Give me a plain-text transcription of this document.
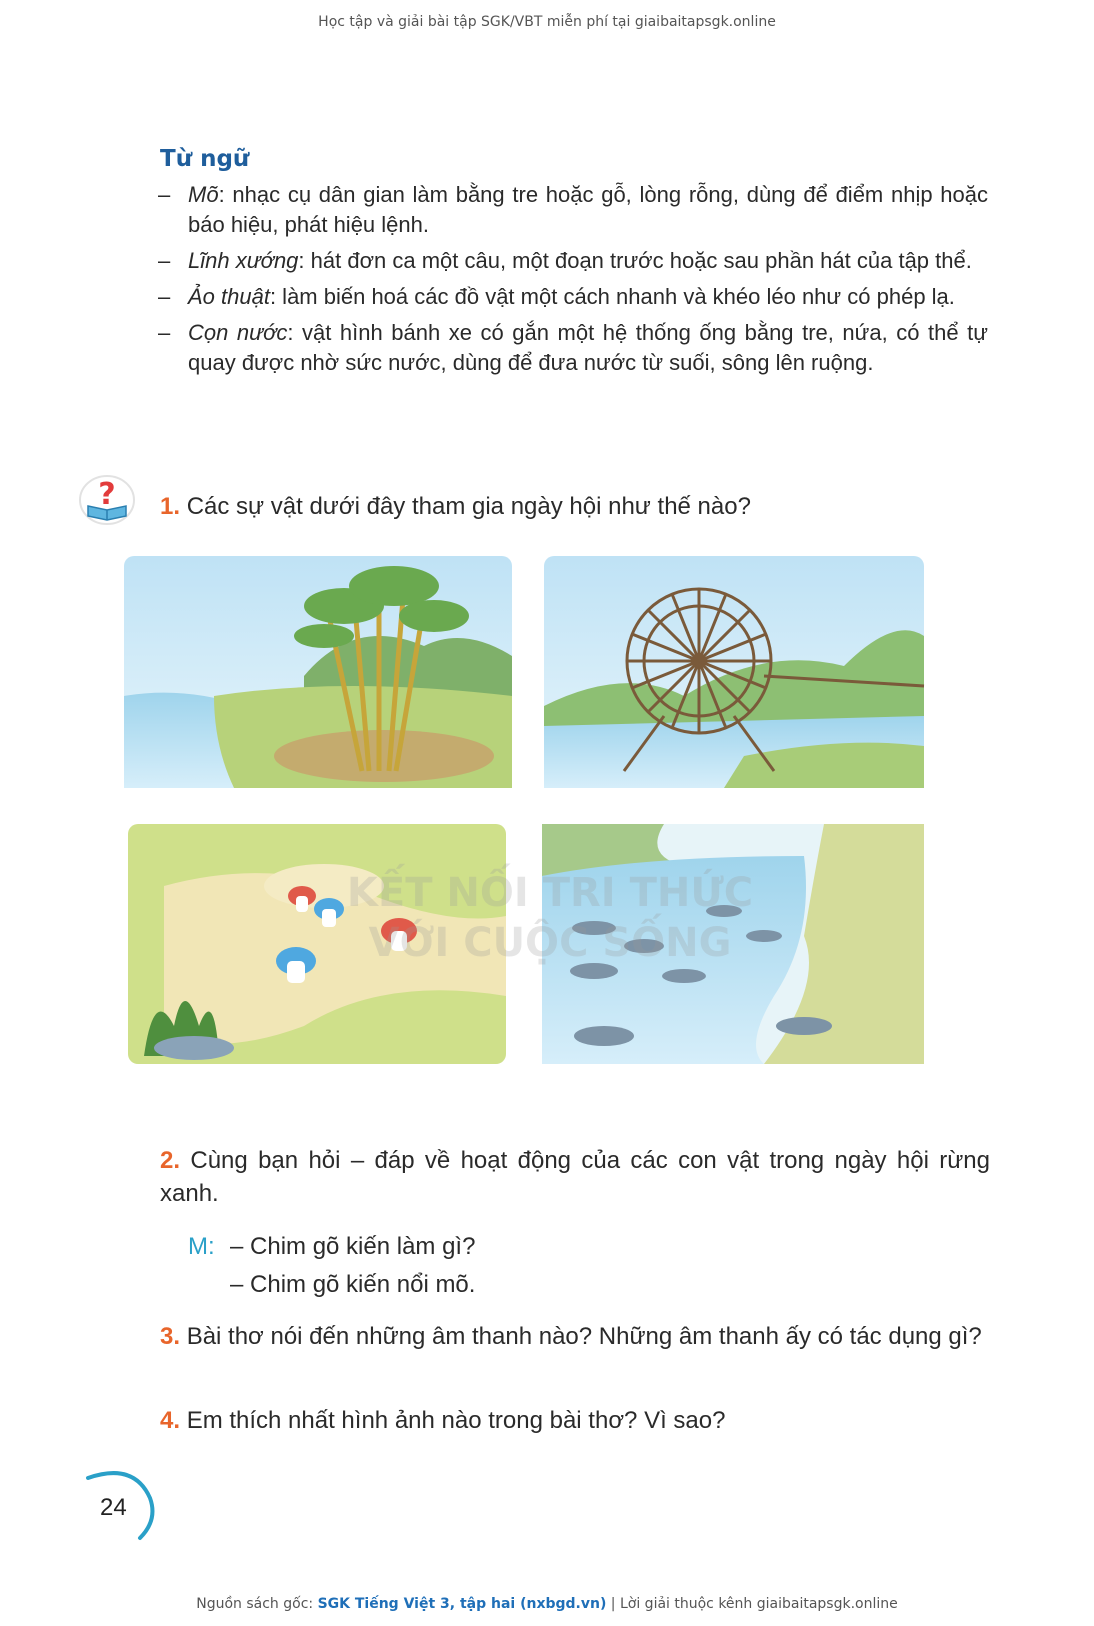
Học tập và giải bài tập SGK/VBT miễn phí tại giaibaitapsgk.online
Từ ngữ
– Mõ: nhạc cụ dân gian làm bằng tre hoặc gỗ, lòng rỗng, dùng để điểm nhịp hoặc báo hiệu, phát hiệu lệnh.
– Lĩnh xướng: hát đơn ca một câu, một đoạn trước hoặc sau phần hát của tập thể.
– Ảo thuật: làm biến hoá các đồ vật một cách nhanh và khéo léo như có phép lạ.
– Cọn nước: vật hình bánh xe có gắn một hệ thống ống bằng tre, nứa, có thể tự quay được nhờ sức nước, dùng để đưa nước từ suối, sông lên ruộng.
? 1. Các sự vật dưới đây tham gia ngày hội như thế nào?
KẾT NỐI TRI THỨC
VỚI CUỘC SỐNG
2. Cùng bạn hỏi – đáp về hoạt động của các con vật trong ngày hội rừng xanh.
M: – Chim gõ kiến làm gì?
– Chim gõ kiến nổi mõ.
3. Bài thơ nói đến những âm thanh nào? Những âm thanh ấy có tác dụng gì?
4. Em thích nhất hình ảnh nào trong bài thơ? Vì sao?
24
Nguồn sách gốc: SGK Tiếng Việt 3, tập hai (nxbgd.vn) | Lời giải thuộc kênh giaibaitapsgk.online
